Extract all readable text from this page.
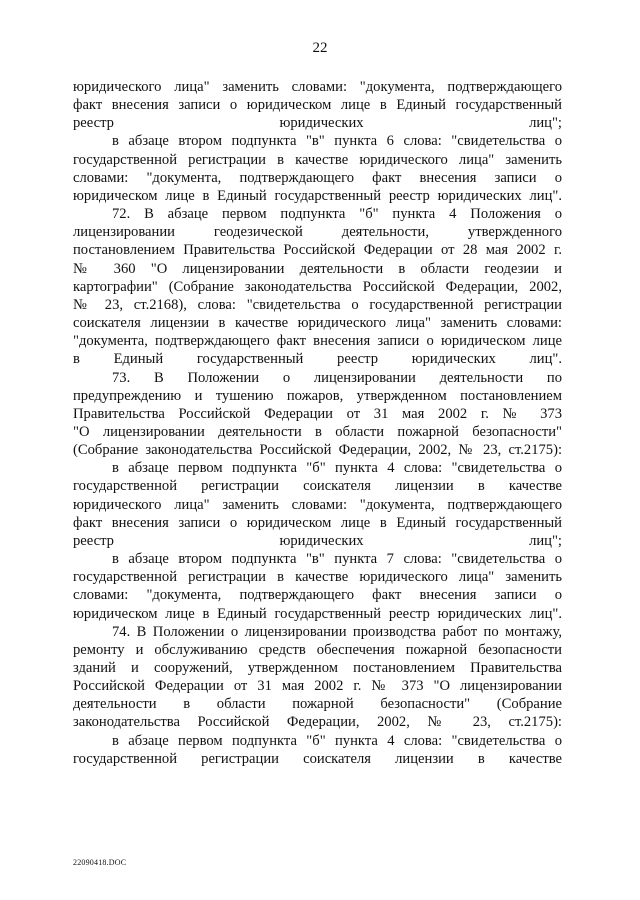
22
юридического лица" заменить словами: "документа, подтверждающего
факт внесения записи о юридическом лице в Единый государственный
реестр юридических лиц";
в абзаце втором подпункта "в" пункта 6 слова: "свидетельства о
государственной регистрации в качестве юридического лица" заменить
словами: "документа, подтверждающего факт внесения записи о
юридическом лице в Единый государственный реестр юридических лиц".
72. В абзаце первом подпункта "б" пункта 4 Положения о
лицензировании геодезической деятельности, утвержденного
постановлением Правительства Российской Федерации от 28 мая 2002 г.
№ 360 "О лицензировании деятельности в области геодезии и
картографии" (Собрание законодательства Российской Федерации, 2002,
№ 23, ст.2168), слова: "свидетельства о государственной регистрации
соискателя лицензии в качестве юридического лица" заменить словами:
"документа, подтверждающего факт внесения записи о юридическом лице
в Единый государственный реестр юридических лиц".
73. В Положении о лицензировании деятельности по
предупреждению и тушению пожаров, утвержденном постановлением
Правительства Российской Федерации от 31 мая 2002 г. № 373
"О лицензировании деятельности в области пожарной безопасности"
(Собрание законодательства Российской Федерации, 2002, № 23, ст.2175):
в абзаце первом подпункта "б" пункта 4 слова: "свидетельства о
государственной регистрации соискателя лицензии в качестве
юридического лица" заменить словами: "документа, подтверждающего
факт внесения записи о юридическом лице в Единый государственный
реестр юридических лиц";
в абзаце втором подпункта "в" пункта 7 слова: "свидетельства о
государственной регистрации в качестве юридического лица" заменить
словами: "документа, подтверждающего факт внесения записи о
юридическом лице в Единый государственный реестр юридических лиц".
74. В Положении о лицензировании производства работ по монтажу,
ремонту и обслуживанию средств обеспечения пожарной безопасности
зданий и сооружений, утвержденном постановлением Правительства
Российской Федерации от 31 мая 2002 г. № 373 "О лицензировании
деятельности в области пожарной безопасности" (Собрание
законодательства Российской Федерации, 2002, № 23, ст.2175):
в абзаце первом подпункта "б" пункта 4 слова: "свидетельства о
государственной регистрации соискателя лицензии в качестве
22090418.DOC
